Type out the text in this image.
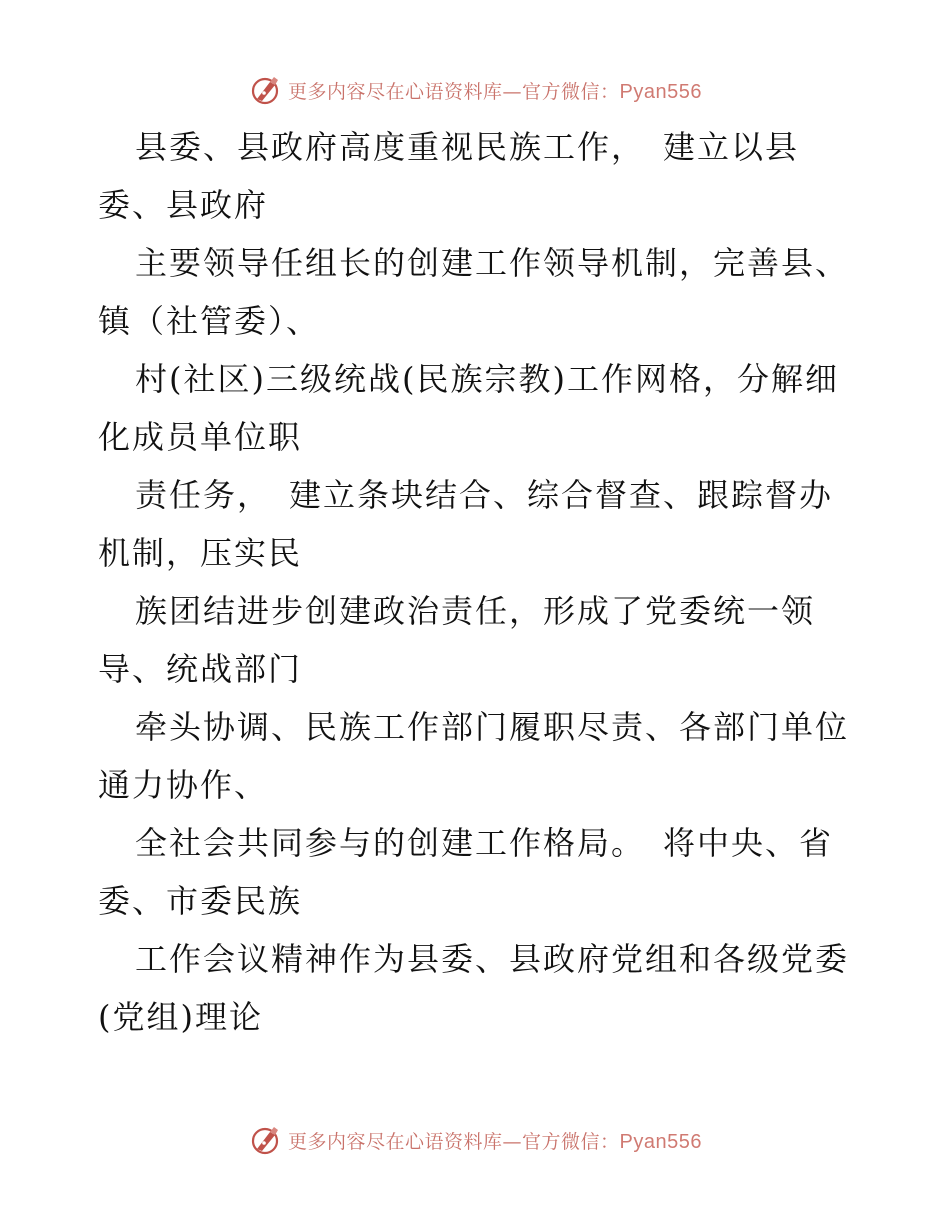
更多内容尽在心语资料库—官方微信：Pyan556
县委、县政府高度重视民族工作，　建立以县
委、县政府
主要领导任组长的创建工作领导机制，完善县、
镇（社管委）、
村(社区)三级统战(民族宗教)工作网格，分解细
化成员单位职
责任务，　建立条块结合、综合督查、跟踪督办
机制，压实民
族团结进步创建政治责任，形成了党委统一领
导、统战部门
牵头协调、民族工作部门履职尽责、各部门单位
通力协作、
全社会共同参与的创建工作格局。　将中央、省
委、市委民族
工作会议精神作为县委、县政府党组和各级党委
(党组)理论
更多内容尽在心语资料库—官方微信：Pyan556
